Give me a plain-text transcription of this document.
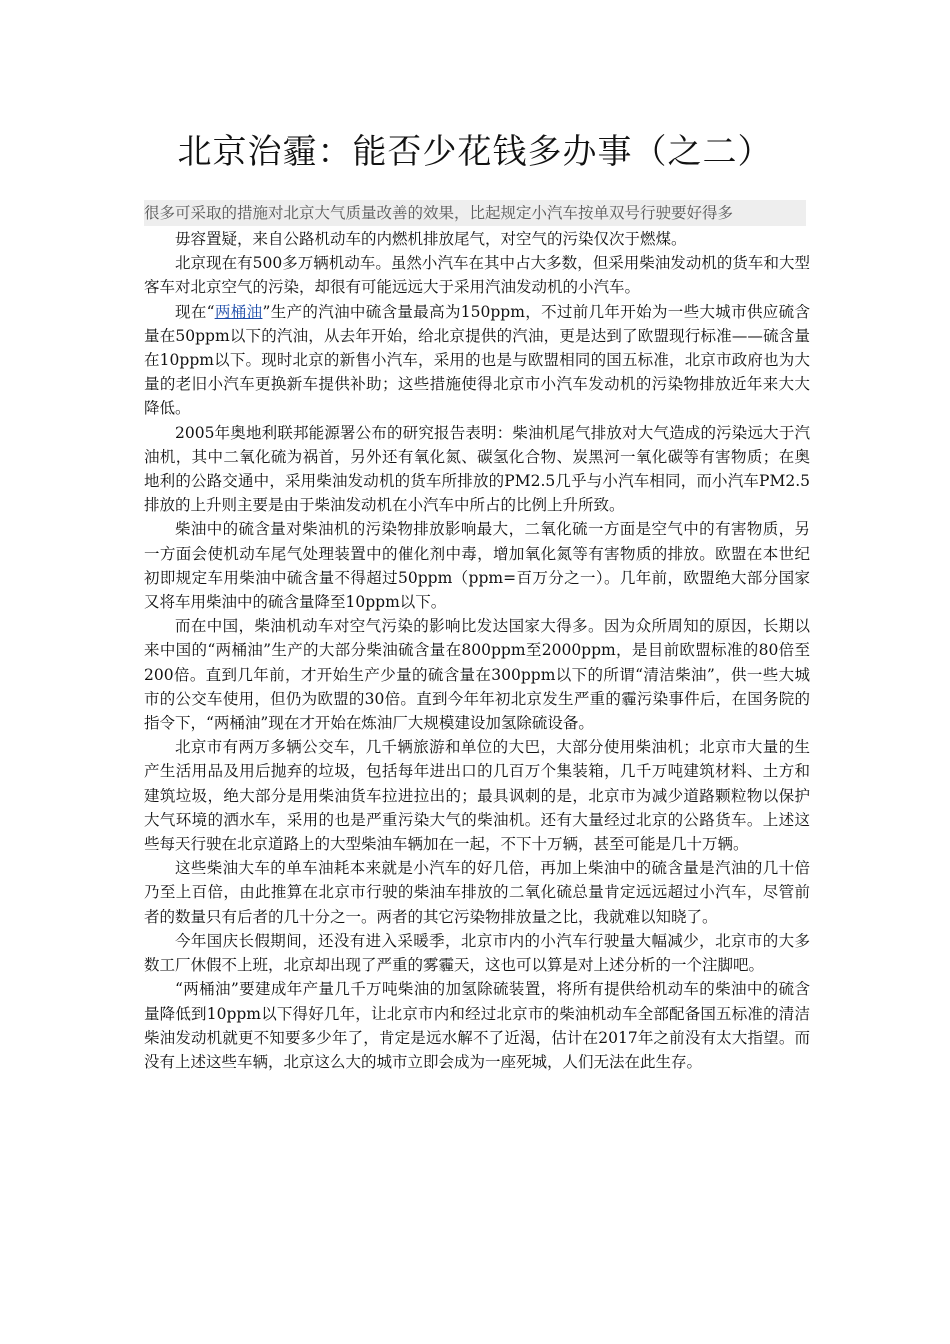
北京治霾：能否少花钱多办事（之二）
很多可采取的措施对北京大气质量改善的效果，比起规定小汽车按单双号行驶要好得多

毋容置疑，来自公路机动车的内燃机排放尾气，对空气的污染仅次于燃煤。

北京现在有500多万辆机动车。虽然小汽车在其中占大多数，但采用柴油发动机的货车和大型客车对北京空气的污染，却很有可能远远大于采用汽油发动机的小汽车。

现在“两桶油”生产的汽油中硫含量最高为150ppm，不过前几年开始为一些大城市供应硫含量在50ppm以下的汽油，从去年开始，给北京提供的汽油，更是达到了欧盟现行标准——硫含量在10ppm以下。现时北京的新售小汽车，采用的也是与欧盟相同的国五标准，北京市政府也为大量的老旧小汽车更换新车提供补助；这些措施使得北京市小汽车发动机的污染物排放近年来大大降低。

2005年奥地利联邦能源署公布的研究报告表明：柴油机尾气排放对大气造成的污染远大于汽油机，其中二氧化硫为祸首，另外还有氧化氮、碳氢化合物、炭黑河一氧化碳等有害物质；在奥地利的公路交通中，采用柴油发动机的货车所排放的PM2.5几乎与小汽车相同，而小汽车PM2.5排放的上升则主要是由于柴油发动机在小汽车中所占的比例上升所致。

柴油中的硫含量对柴油机的污染物排放影响最大，二氧化硫一方面是空气中的有害物质，另一方面会使机动车尾气处理装置中的催化剂中毒，增加氧化氮等有害物质的排放。欧盟在本世纪初即规定车用柴油中硫含量不得超过50ppm（ppm=百万分之一）。几年前，欧盟绝大部分国家又将车用柴油中的硫含量降至10ppm以下。

而在中国，柴油机动车对空气污染的影响比发达国家大得多。因为众所周知的原因，长期以来中国的“两桶油”生产的大部分柴油硫含量在800ppm至2000ppm，是目前欧盟标准的80倍至200倍。直到几年前，才开始生产少量的硫含量在300ppm以下的所谓“清洁柴油”，供一些大城市的公交车使用，但仍为欧盟的30倍。直到今年年初北京发生严重的霾污染事件后，在国务院的指令下，“两桶油”现在才开始在炼油厂大规模建设加氢除硫设备。

北京市有两万多辆公交车，几千辆旅游和单位的大巴，大部分使用柴油机；北京市大量的生产生活用品及用后抛弃的垃圾，包括每年进出口的几百万个集装箱，几千万吨建筑材料、土方和建筑垃圾，绝大部分是用柴油货车拉进拉出的；最具讽刺的是，北京市为减少道路颗粒物以保护大气环境的洒水车，采用的也是严重污染大气的柴油机。还有大量经过北京的公路货车。上述这些每天行驶在北京道路上的大型柴油车辆加在一起，不下十万辆，甚至可能是几十万辆。

这些柴油大车的单车油耗本来就是小汽车的好几倍，再加上柴油中的硫含量是汽油的几十倍乃至上百倍，由此推算在北京市行驶的柴油车排放的二氧化硫总量肯定远远超过小汽车，尽管前者的数量只有后者的几十分之一。两者的其它污染物排放量之比，我就难以知晓了。

今年国庆长假期间，还没有进入采暖季，北京市内的小汽车行驶量大幅减少，北京市的大多数工厂休假不上班，北京却出现了严重的雾霾天，这也可以算是对上述分析的一个注脚吧。

“两桶油”要建成年产量几千万吨柴油的加氢除硫装置，将所有提供给机动车的柴油中的硫含量降低到10ppm以下得好几年，让北京市内和经过北京市的柴油机动车全部配备国五标准的清洁柴油发动机就更不知要多少年了，肯定是远水解不了近渴，估计在2017年之前没有太大指望。而没有上述这些车辆，北京这么大的城市立即会成为一座死城，人们无法在此生存。
